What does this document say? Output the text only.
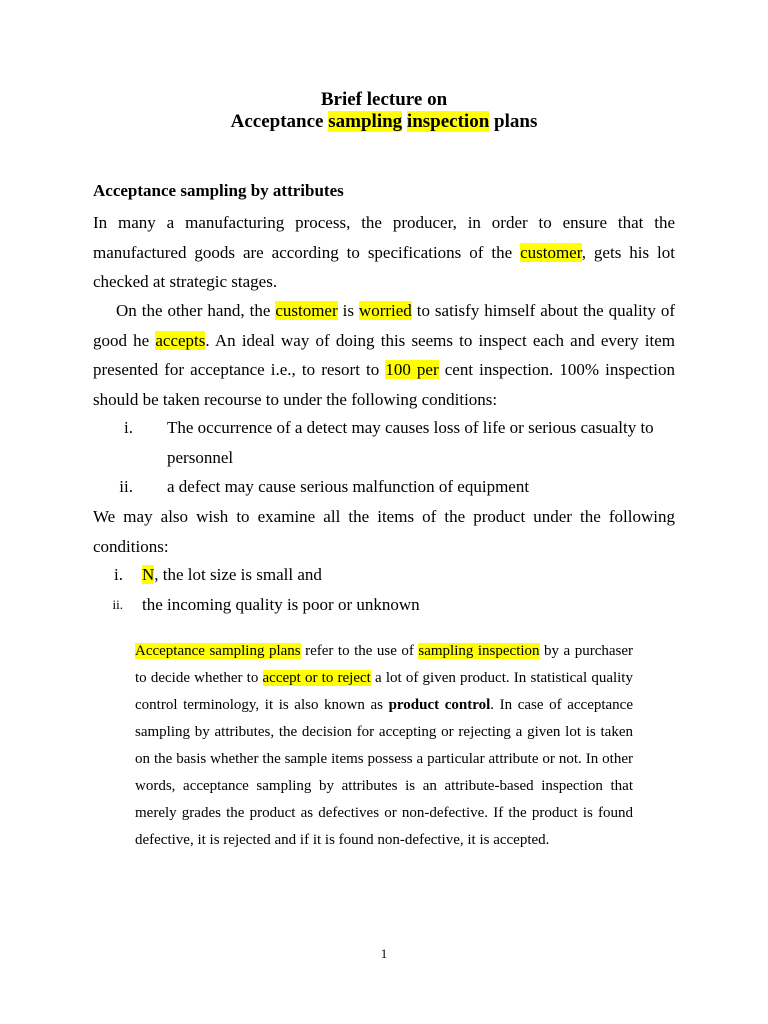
Brief lecture on
Acceptance sampling inspection plans
Acceptance sampling by attributes
In many a manufacturing process, the producer, in order to ensure that the manufactured goods are according to specifications of the customer, gets his lot checked at strategic stages.
On the other hand, the customer is worried to satisfy himself about the quality of good he accepts. An ideal way of doing this seems to inspect each and every item presented for acceptance i.e., to resort to 100 per cent inspection. 100% inspection should be taken recourse to under the following conditions:
i. The occurrence of a detect may causes loss of life or serious casualty to personnel
ii. a defect may cause serious malfunction of equipment
We may also wish to examine all the items of the product under the following conditions:
i. N, the lot size is small and
ii. the incoming quality is poor or unknown
Acceptance sampling plans refer to the use of sampling inspection by a purchaser to decide whether to accept or to reject a lot of given product. In statistical quality control terminology, it is also known as product control. In case of acceptance sampling by attributes, the decision for accepting or rejecting a given lot is taken on the basis whether the sample items possess a particular attribute or not. In other words, acceptance sampling by attributes is an attribute-based inspection that merely grades the product as defectives or non-defective. If the product is found defective, it is rejected and if it is found non-defective, it is accepted.
1
